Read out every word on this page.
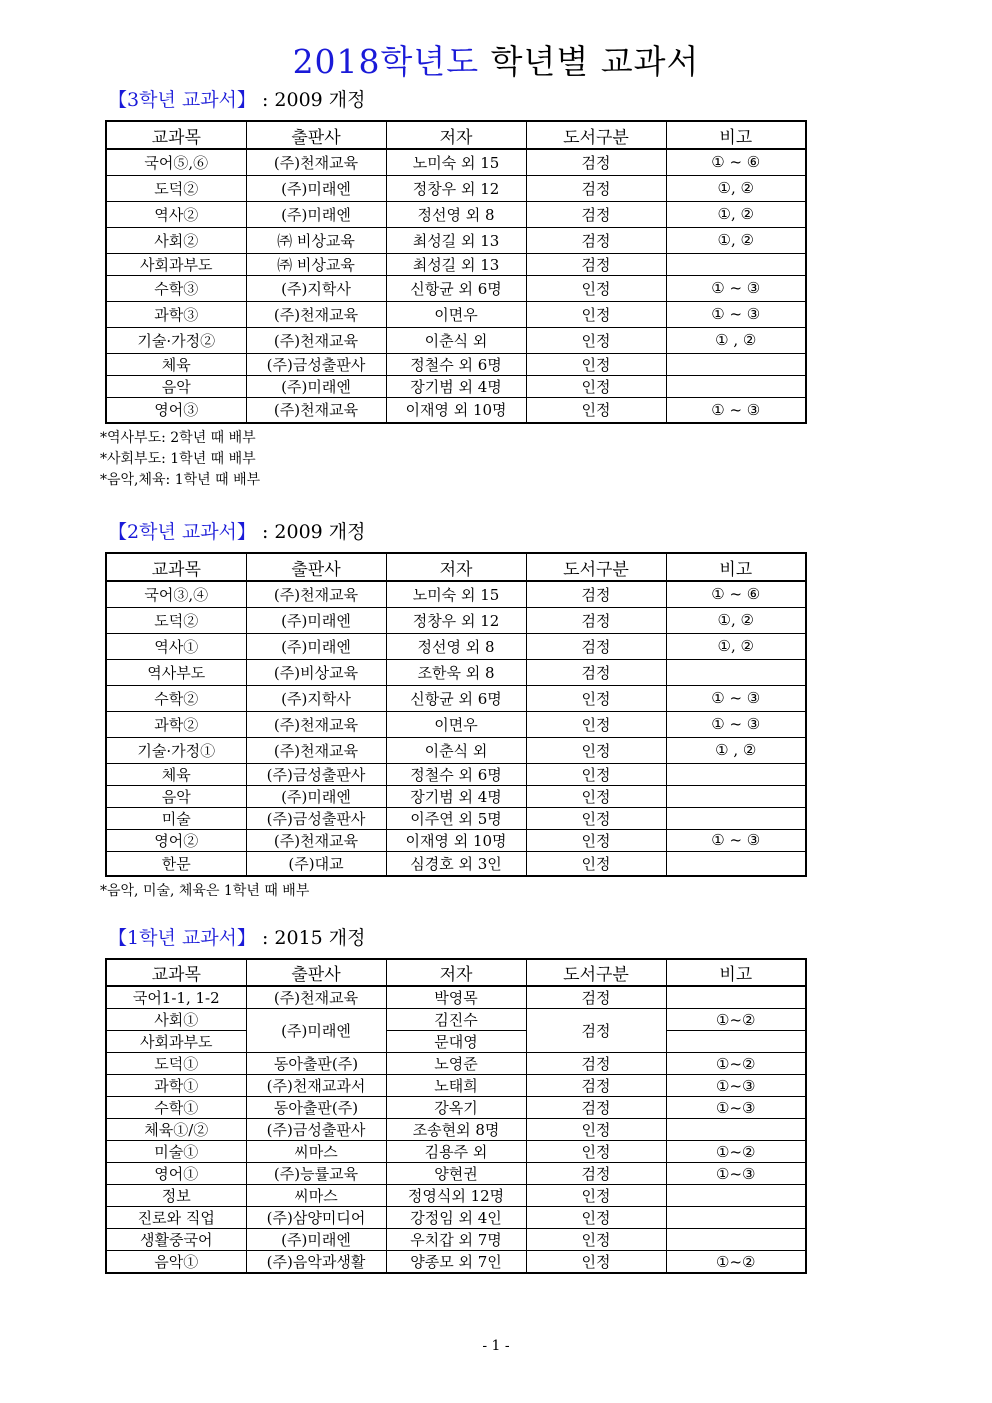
2018학년도 학년별 교과서
【3학년 교과서】 : 2009 개정
교과목	출판사	저자	도서구분	비고
국어⑤,⑥	(주)천재교육	노미숙 외 15	검정	① ~ ⑥
도덕②	(주)미래엔	정창우 외 12	검정	①, ②
역사②	(주)미래엔	정선영 외 8	검정	①, ②
사회②	㈜ 비상교육	최성길 외 13	검정	①, ②
사회과부도	㈜ 비상교육	최성길 외 13	검정	
수학③	(주)지학사	신항균 외 6명	인정	① ~ ③
과학③	(주)천재교육	이면우	인정	① ~ ③
기술·가정②	(주)천재교육	이춘식 외	인정	① , ②
체육	(주)금성출판사	정철수 외 6명	인정	
음악	(주)미래엔	장기범 외 4명	인정	
영어③	(주)천재교육	이재영 외 10명	인정	① ~ ③
*역사부도: 2학년 때 배부
*사회부도: 1학년 때 배부
*음악,체육: 1학년 때 배부
【2학년 교과서】 : 2009 개정
교과목	출판사	저자	도서구분	비고
국어③,④	(주)천재교육	노미숙 외 15	검정	① ~ ⑥
도덕②	(주)미래엔	정창우 외 12	검정	①, ②
역사①	(주)미래엔	정선영 외 8	검정	①, ②
역사부도	(주)비상교육	조한욱 외 8	검정	
수학②	(주)지학사	신항균 외 6명	인정	① ~ ③
과학②	(주)천재교육	이면우	인정	① ~ ③
기술·가정①	(주)천재교육	이춘식 외	인정	① , ②
체육	(주)금성출판사	정철수 외 6명	인정	
음악	(주)미래엔	장기범 외 4명	인정	
미술	(주)금성출판사	이주연 외 5명	인정	
영어②	(주)천재교육	이재영 외 10명	인정	① ~ ③
한문	(주)대교	심경호 외 3인	인정	
*음악, 미술, 체육은 1학년 때 배부
【1학년 교과서】 : 2015 개정
교과목	출판사	저자	도서구분	비고
국어1-1, 1-2	(주)천재교육	박영목	검정	
사회①	(주)미래엔	김진수	검정	①~②
사회과부도		문대영		
도덕①	동아출판(주)	노영준	검정	①~②
과학①	(주)천재교과서	노태희	검정	①~③
수학①	동아출판(주)	강옥기	검정	①~③
체육①/②	(주)금성출판사	조송현외 8명	인정	
미술①	씨마스	김용주 외	인정	①~②
영어①	(주)능률교육	양현권	검정	①~③
정보	씨마스	정영식외 12명	인정	
진로와 직업	(주)삼양미디어	강정임 외 4인	인정	
생활중국어	(주)미래엔	우치갑 외 7명	인정	
음악①	(주)음악과생활	양종모 외 7인	인정	①~②
- 1 -
